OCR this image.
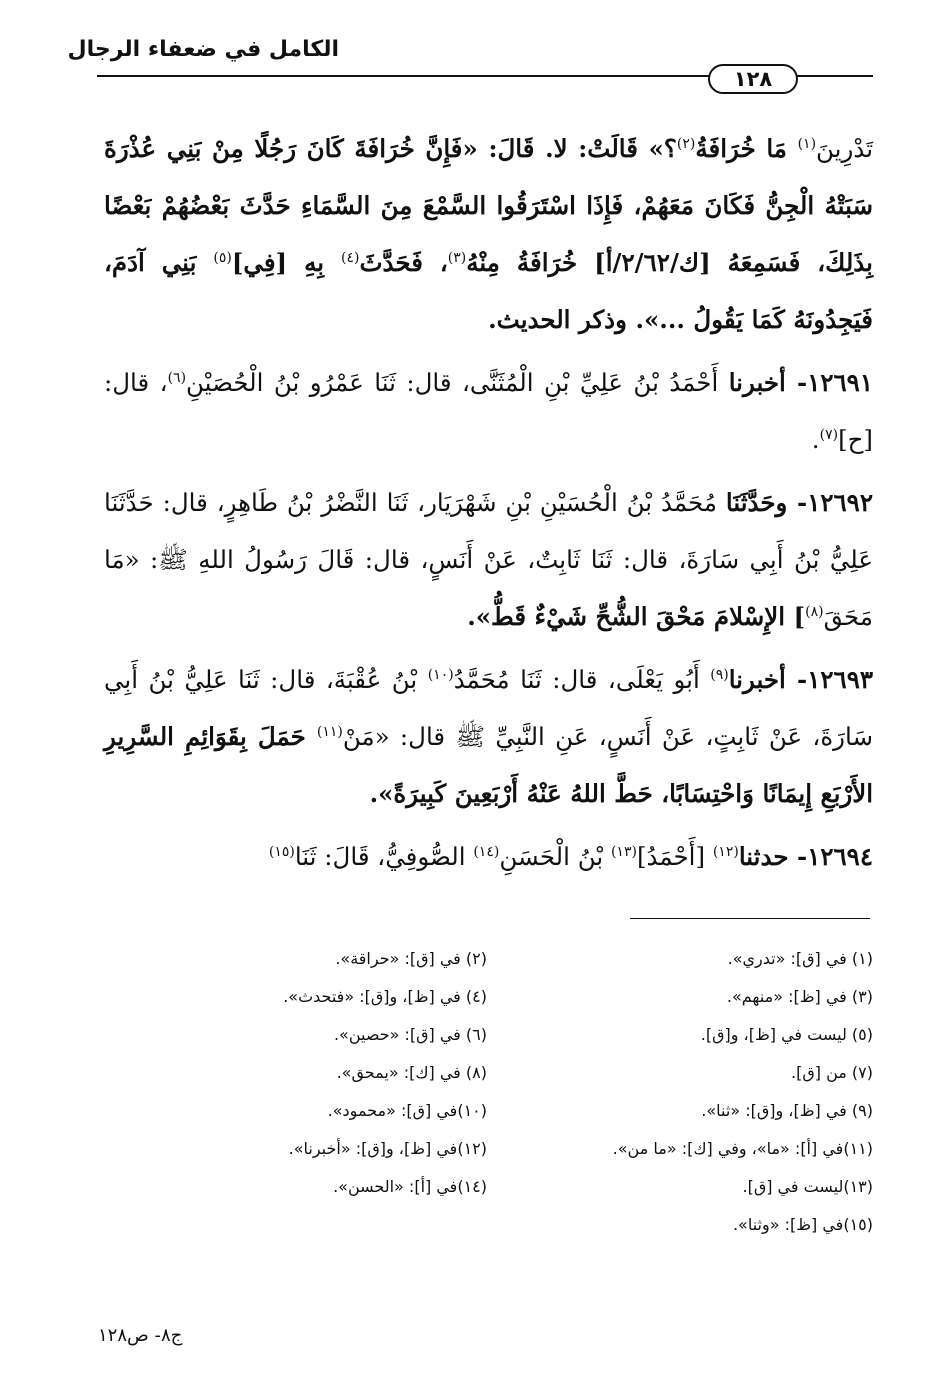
الكامل في ضعفاء الرجال
١٢٨

تَدْرِينَ$^{(١)}$ مَا خُرَافَةُ$^{(٢)}$؟» قَالَتْ: لا. قَالَ: «فَإِنَّ خُرَافَةَ كَانَ رَجُلًا مِنْ بَنِي عُذْرَةَ سَبَتْهُ الْجِنُّ فَكَانَ مَعَهُمْ، فَإِذَا اسْتَرَقُوا السَّمْعَ مِنَ السَّمَاءِ حَدَّثَ بَعْضُهُمْ بَعْضًا بِذَلِكَ، فَسَمِعَهُ [ك/٢/٦٢/أ] خُرَافَةُ مِنْهُ$^{(٣)}$، فَحَدَّثَ$^{(٤)}$ بِهِ [فِي]$^{(٥)}$ بَنِي آدَمَ، فَيَجِدُونَهُ كَمَا يَقُولُ ...». وذكر الحديث.

١٢٦٩١- أخبرنا أَحْمَدُ بْنُ عَلِيِّ بْنِ الْمُثَنَّى، قال: ثَنَا عَمْرُو بْنُ الْحُصَيْنِ$^{(٦)}$، قال: [ح]$^{(٧)}$.

١٢٦٩٢- وحَدَّثَنَا مُحَمَّدُ بْنُ الْحُسَيْنِ بْنِ شَهْرَيَار، ثَنَا النَّضْرُ بْنُ طَاهِرٍ، قال: حَدَّثَنَا عَلِيُّ بْنُ أَبِي سَارَةَ، قال: ثَنَا ثَابِتٌ، عَنْ أَنَسٍ، قال: قَالَ رَسُولُ اللهِ ﷺ: «مَا مَحَقَ$^{(٨)}$] الإِسْلامَ مَحْقَ الشُّحِّ شَيْءٌ قَطُّ».

١٢٦٩٣- أخبرنا$^{(٩)}$ أَبُو يَعْلَى، قال: ثَنَا مُحَمَّدُ$^{(١٠)}$ بْنُ عُقْبَةَ، قال: ثَنَا عَلِيُّ بْنُ أَبِي سَارَةَ، عَنْ ثَابِتٍ، عَنْ أَنَسٍ، عَنِ النَّبِيِّ ﷺ قال: «مَنْ$^{(١١)}$ حَمَلَ بِقَوَائِمِ السَّرِيرِ الأَرْبَعِ إِيمَانًا وَاحْتِسَابًا، حَطَّ اللهُ عَنْهُ أَرْبَعِينَ كَبِيرَةً».

١٢٦٩٤- حدثنا$^{(١٢)}$ [أَحْمَدُ]$^{(١٣)}$ بْنُ الْحَسَنِ$^{(١٤)}$ الصُّوفِيُّ، قَالَ: ثَنَا$^{(١٥)}$

(١) في [ق]: «تدري».
(٣) في [ظ]: «منهم».
(٥) ليست في [ظ]، و[ق].
(٧) من [ق].
(٩) في [ظ]، و[ق]: «ثنا».
(١١)في [أ]: «ما»، وفي [ك]: «ما من».
(١٣)ليست في [ق].
(١٥)في [ظ]: «وثنا».
(٢) في [ق]: «حراقة».
(٤) في [ظ]، و[ق]: «فتحدث».
(٦) في [ق]: «حصين».
(٨) في [ك]: «يمحق».
(١٠)في [ق]: «محمود».
(١٢)في [ظ]، و[ق]: «أخبرنا».
(١٤)في [أ]: «الحسن».
ج٨- ص١٢٨
